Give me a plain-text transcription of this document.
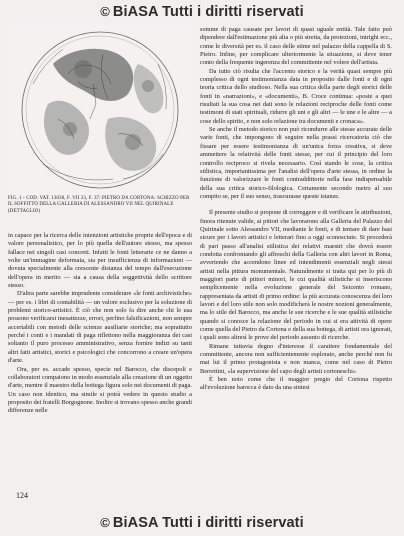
© BiASA Tutti i diritti riservati
FIG. 1 - COD. VAT. 13030, F. VII 33, F. 37: PIETRO DA CORTONA: SCHIZZO PER IL SOFFITTO DELLA GALLERIA DI ALESSANDRO VII NEL QUIRINALE (DETTAGLIO)

in capace per la ricerca delle intenzioni artistiche proprie dell'epoca e di valore personalistico, per lo più quella dell'autore stesso, ma spesso fallace nei singoli casi concreti. Infatti le fonti letterarie ce ne danno a volte un'immagine deformata, sia per insufficienza di informazioni — dovuta specialmente alla crescente distanza del tempo dall'esecuzione dell'opera in merito — sia a causa della soggettività dello scrittore stesso.

D'altra parte sarebbe imprudente considerare «le fonti archivistiche» — per es. i libri di contabilità — un valore esclusivo per la soluzione di problemi storico-artistici. È ciò che non solo fa dire anche chi le usa possono verificarsi inesattezze, errori, perfino falsificazioni, non sempre accertabili con metodi delle scienze ausiliarie storiche; ma soprattutto perché i conti e i mandati di paga riflettono nella maggioranza dei casi soltanto il puro processo amministrativo, senza fornire indizi su tanti altri fatti artistici, storici e psicologici che concorrono a creare un'opera d'arte.

Ora, per es. accade spesso, specie nel Barocco, che discepoli e collaboratori compaiono in modo essenziale alla creazione di un oggetto d'arte, mentre il maestro della bottega figura solo nei documenti di paga. Un caso non identico, ma simile si potrà vedere in questo studio a proposito dei fratelli Borgognone. Inoltre si trovano spesso anche grandi differenze nelle

somme di paga causate per lavori di quasi uguale entità. Tale fatto può dipendere dall'estimazione più alta o più stretta, da protezioni, intrighi ecc., come le diversità per es. il caso delle stime nel palazzo della cappella di S. Pietro. Infine, per complicare ulteriormente la situazione, si deve tener conto della frequente ingerenza del committente nel volere dell'artista.

Da tutto ciò risulta che l'accento storico e la verità quasi sempre più complesso di ogni testimonianza data in proposito dalle fonti e di ogni teoria critica dello studioso. Nella sua critica della parte degli storici delle fonti in «narrazioni», e «documenti», B. Croce continua: «poste a quei risultati la sua cosa nei dati sono le relazioni reciproche delle fonti come testimoni di stati spirituali, ridurre gli uni e gli altri — le une e le altre — a cose dello spirito, e non solo relazione tra documenti e cronaca».

Se anche il metodo storico non può ricondurre alle stesse accurate delle varie fonti, che impongono di seguire nella prassi ricercatoria ciò che fissare per essere testimonianza di un'unica forza creativa, si deve ammettere la relatività delle fonti stesse, per cui il principio del loro controllo reciproco si rivela necessario. Così stando le cose, la critica stilistica, importantissima per l'analisi dell'opera d'arte stessa, in ordine la funzione di valorizzare le fonti contraddittorie nella fase indispensabile della sua critica storico-filologica. Certamente secondo metro al suo compito se, per il suo senso, trascurasse queste istanze.

Il presente studio si propone di correggere e di verificare le attribuzioni, finora ritenute valide, ai pittori che lavorarono alla Galleria del Palazzo del Quirinale sotto Alessandro VII, mediante le fonti, e di tentare di dare basi sicure per i lavori artistici e letterari fino a oggi sconosciute. Si procederà di pari passo all'analisi stilistica dei relativi maestri che dovrà essere condotta confrontando gli affreschi della Galleria con altri lavori in Roma, avvertendo che accendono linee ed intendimenti essenziali negli stessi artisti nella pittura monumentale. Naturalmente si tratta qui per lo più di maggiori parte di pittori minori, le cui qualità stilistiche si inseriscono semplicemente nella evoluzione generale del Seicento romano, rappresentata da artisti di primo ordine: la più accurata conoscenza dei loro lavori e del loro stile non solo modificherà le nostre nozioni generalmente, ma lo stile del Barocco, ma anche le sue ricerche e le sue qualità stilistiche quando si conosce la relazione del periodo in cui si era attività di opere come quella del Pietro da Cortona e della sua bottega, di artisti ora ignorati, i quali sono altresì le prove del periodo assunto di ricerche.

Rimane tuttavia degno d'interesse il carattere fondamentale del committente, ancora non sufficientemente esplorato, anche perché non fu mai lui il primo protagonista e non manca, come nel caso di Pietro Berrettini, «la supervisione del capo degli artisti cortoneschi»

È ben noto come che il maggior pregio del Cortona rispetto all'evoluzione barocca è dato da una sintesi

124
© BiASA Tutti i diritti riservati
